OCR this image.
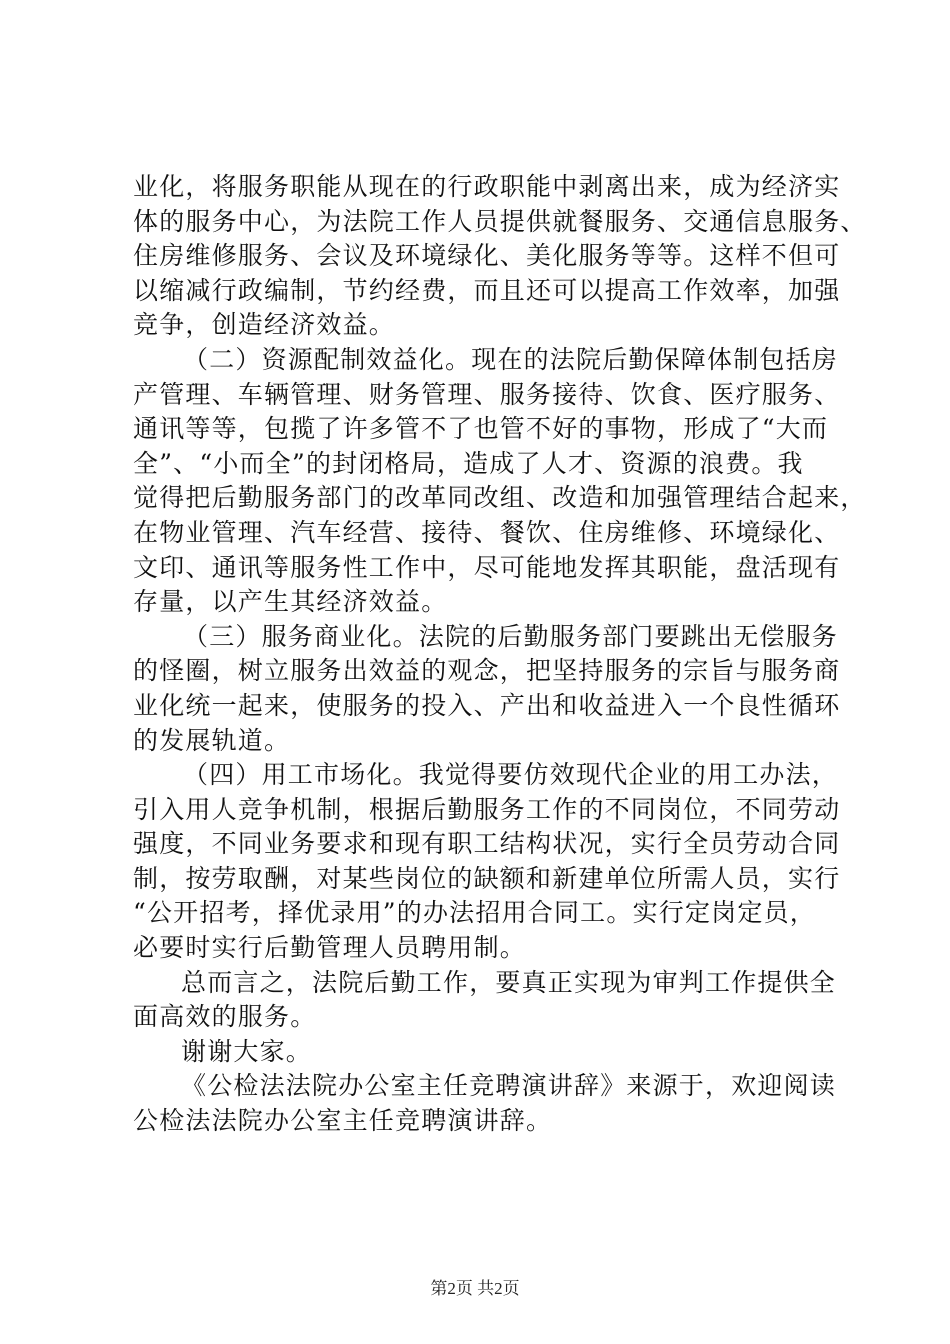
业化，将服务职能从现在的行政职能中剥离出来，成为经济实
体的服务中心，为法院工作人员提供就餐服务、交通信息服务、
住房维修服务、会议及环境绿化、美化服务等等。这样不但可
以缩减行政编制，节约经费，而且还可以提高工作效率，加强
竞争，创造经济效益。
（二）资源配制效益化。现在的法院后勤保障体制包括房
产管理、车辆管理、财务管理、服务接待、饮食、医疗服务、
通讯等等，包揽了许多管不了也管不好的事物，形成了“大而
全”、“小而全”的封闭格局，造成了人才、资源的浪费。我
觉得把后勤服务部门的改革同改组、改造和加强管理结合起来，
在物业管理、汽车经营、接待、餐饮、住房维修、环境绿化、
文印、通讯等服务性工作中，尽可能地发挥其职能，盘活现有
存量，以产生其经济效益。
（三）服务商业化。法院的后勤服务部门要跳出无偿服务
的怪圈，树立服务出效益的观念，把坚持服务的宗旨与服务商
业化统一起来，使服务的投入、产出和收益进入一个良性循环
的发展轨道。
（四）用工市场化。我觉得要仿效现代企业的用工办法，
引入用人竞争机制，根据后勤服务工作的不同岗位，不同劳动
强度，不同业务要求和现有职工结构状况，实行全员劳动合同
制，按劳取酬，对某些岗位的缺额和新建单位所需人员，实行
“公开招考，择优录用”的办法招用合同工。实行定岗定员，
必要时实行后勤管理人员聘用制。
总而言之，法院后勤工作，要真正实现为审判工作提供全
面高效的服务。
谢谢大家。
《公检法法院办公室主任竞聘演讲辞》来源于，欢迎阅读
公检法法院办公室主任竞聘演讲辞。
第2页 共2页
